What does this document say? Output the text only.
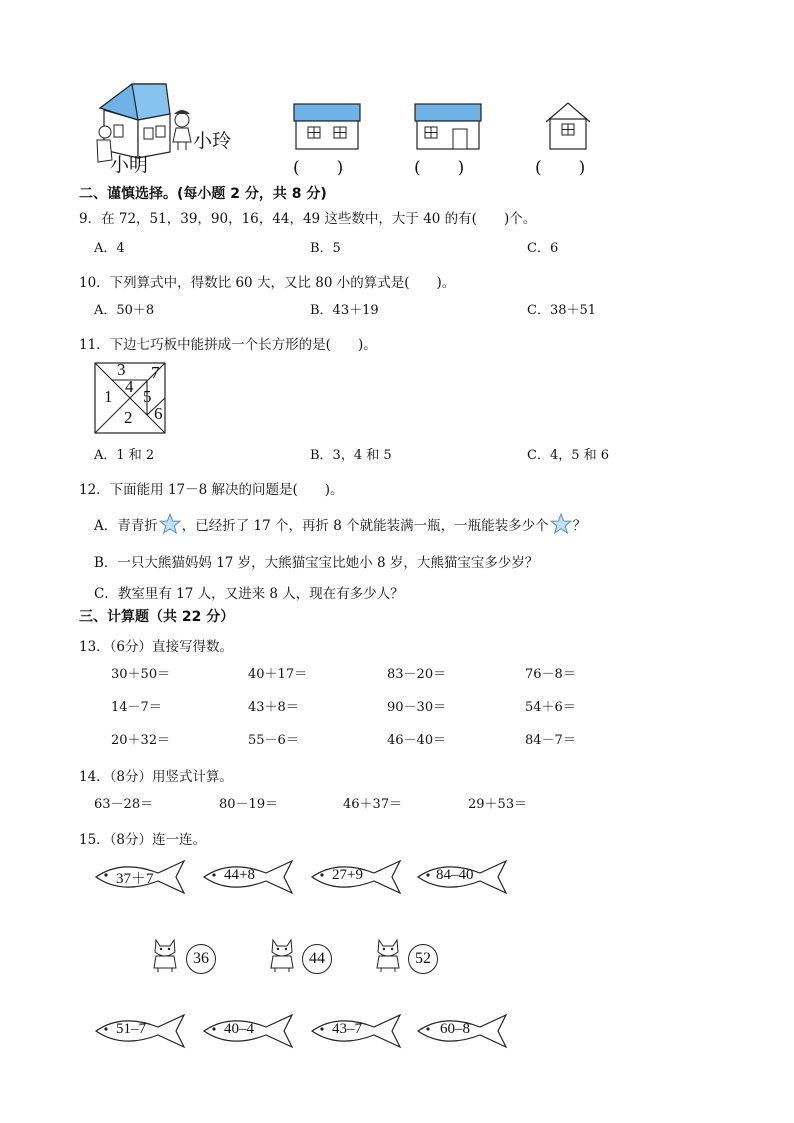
小明
小玲
(　　)	(　　)	(　　)
二、谨慎选择。(每小题 2 分，共 8 分)
9．在 72，51，39，90，16，44，49 这些数中，大于 40 的有(　　)个。
A．4	B．5	C．6
10．下列算式中，得数比 60 大，又比 80 小的算式是(　　)。
A．50＋8	B．43＋19	C．38＋51
11．下边七巧板中能拼成一个长方形的是(　　)。
3 7
4
1 5
6
2
A．1 和 2	B．3，4 和 5	C．4，5 和 6
12．下面能用 17－8 解决的问题是(　　)。
A．青青折 ，已经折了 17 个，再折 8 个就能装满一瓶，一瓶能装多少个 ？
B．一只大熊猫妈妈 17 岁，大熊猫宝宝比她小 8 岁，大熊猫宝宝多少岁？
C．教室里有 17 人，又进来 8 人，现在有多少人？
三、计算题（共 22 分）
13．（6分）直接写得数。
30＋50＝	40＋17＝	83－20＝	76－8＝
14－7＝	43＋8＝	90－30＝	54＋6＝
20＋32＝	55－6＝	46－40＝	84－7＝
14．（8分）用竖式计算。
63－28＝	80－19＝	46＋37＝	29＋53＝
15．（8分）连一连。
37＋7	44+8	27+9	84–40
36	44	52
51–7	40–4	43–7	60–8
